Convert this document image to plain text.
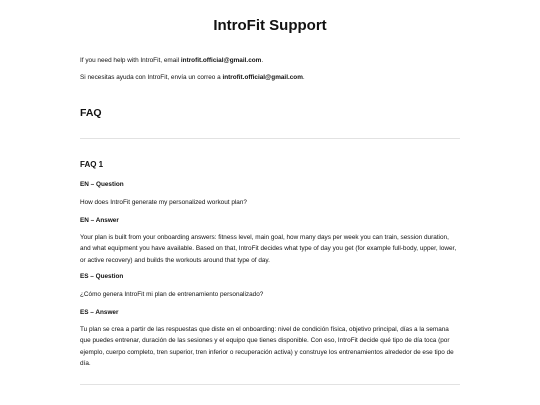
IntroFit Support

If you need help with IntroFit, email introfit.official@gmail.com.

Si necesitas ayuda con IntroFit, envía un correo a introfit.official@gmail.com.

FAQ
FAQ 1

EN – Question

How does IntroFit generate my personalized workout plan?

EN – Answer

Your plan is built from your onboarding answers: fitness level, main goal, how many days per week you can train, session duration, and what equipment you have available. Based on that, IntroFit decides what type of day you get (for example full-body, upper, lower, or active recovery) and builds the workouts around that type of day.

ES – Question

¿Cómo genera IntroFit mi plan de entrenamiento personalizado?

ES – Answer

Tu plan se crea a partir de las respuestas que diste en el onboarding: nivel de condición física, objetivo principal, días a la semana que puedes entrenar, duración de las sesiones y el equipo que tienes disponible. Con eso, IntroFit decide qué tipo de día toca (por ejemplo, cuerpo completo, tren superior, tren inferior o recuperación activa) y construye los entrenamientos alrededor de ese tipo de día.
